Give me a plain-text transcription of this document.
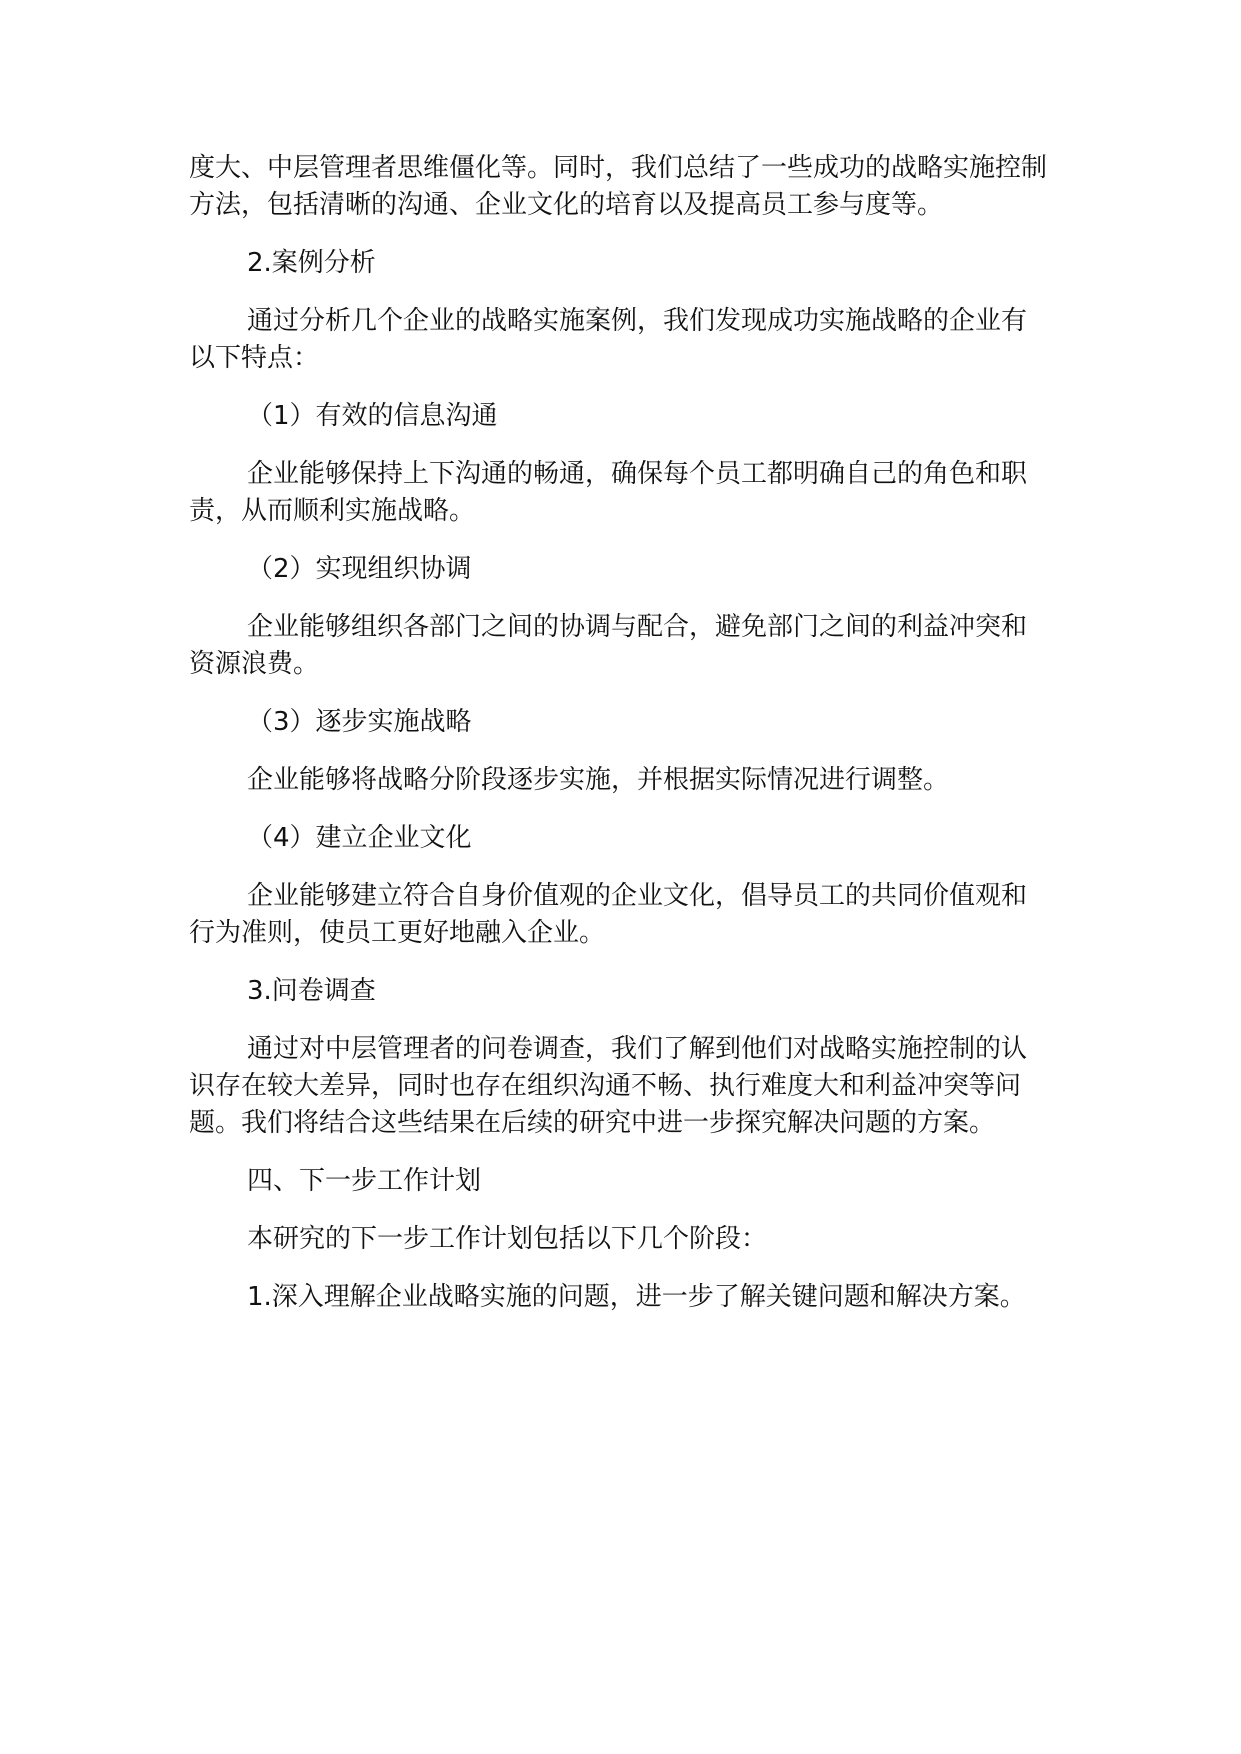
度大、中层管理者思维僵化等。同时，我们总结了一些成功的战略实施控制方法，包括清晰的沟通、企业文化的培育以及提高员工参与度等。

2.案例分析

通过分析几个企业的战略实施案例，我们发现成功实施战略的企业有以下特点：

（1）有效的信息沟通

企业能够保持上下沟通的畅通，确保每个员工都明确自己的角色和职责，从而顺利实施战略。

（2）实现组织协调

企业能够组织各部门之间的协调与配合，避免部门之间的利益冲突和资源浪费。

（3）逐步实施战略

企业能够将战略分阶段逐步实施，并根据实际情况进行调整。

（4）建立企业文化

企业能够建立符合自身价值观的企业文化，倡导员工的共同价值观和行为准则，使员工更好地融入企业。

3.问卷调查

通过对中层管理者的问卷调查，我们了解到他们对战略实施控制的认识存在较大差异，同时也存在组织沟通不畅、执行难度大和利益冲突等问题。我们将结合这些结果在后续的研究中进一步探究解决问题的方案。

四、下一步工作计划

本研究的下一步工作计划包括以下几个阶段：

1.深入理解企业战略实施的问题，进一步了解关键问题和解决方案。
